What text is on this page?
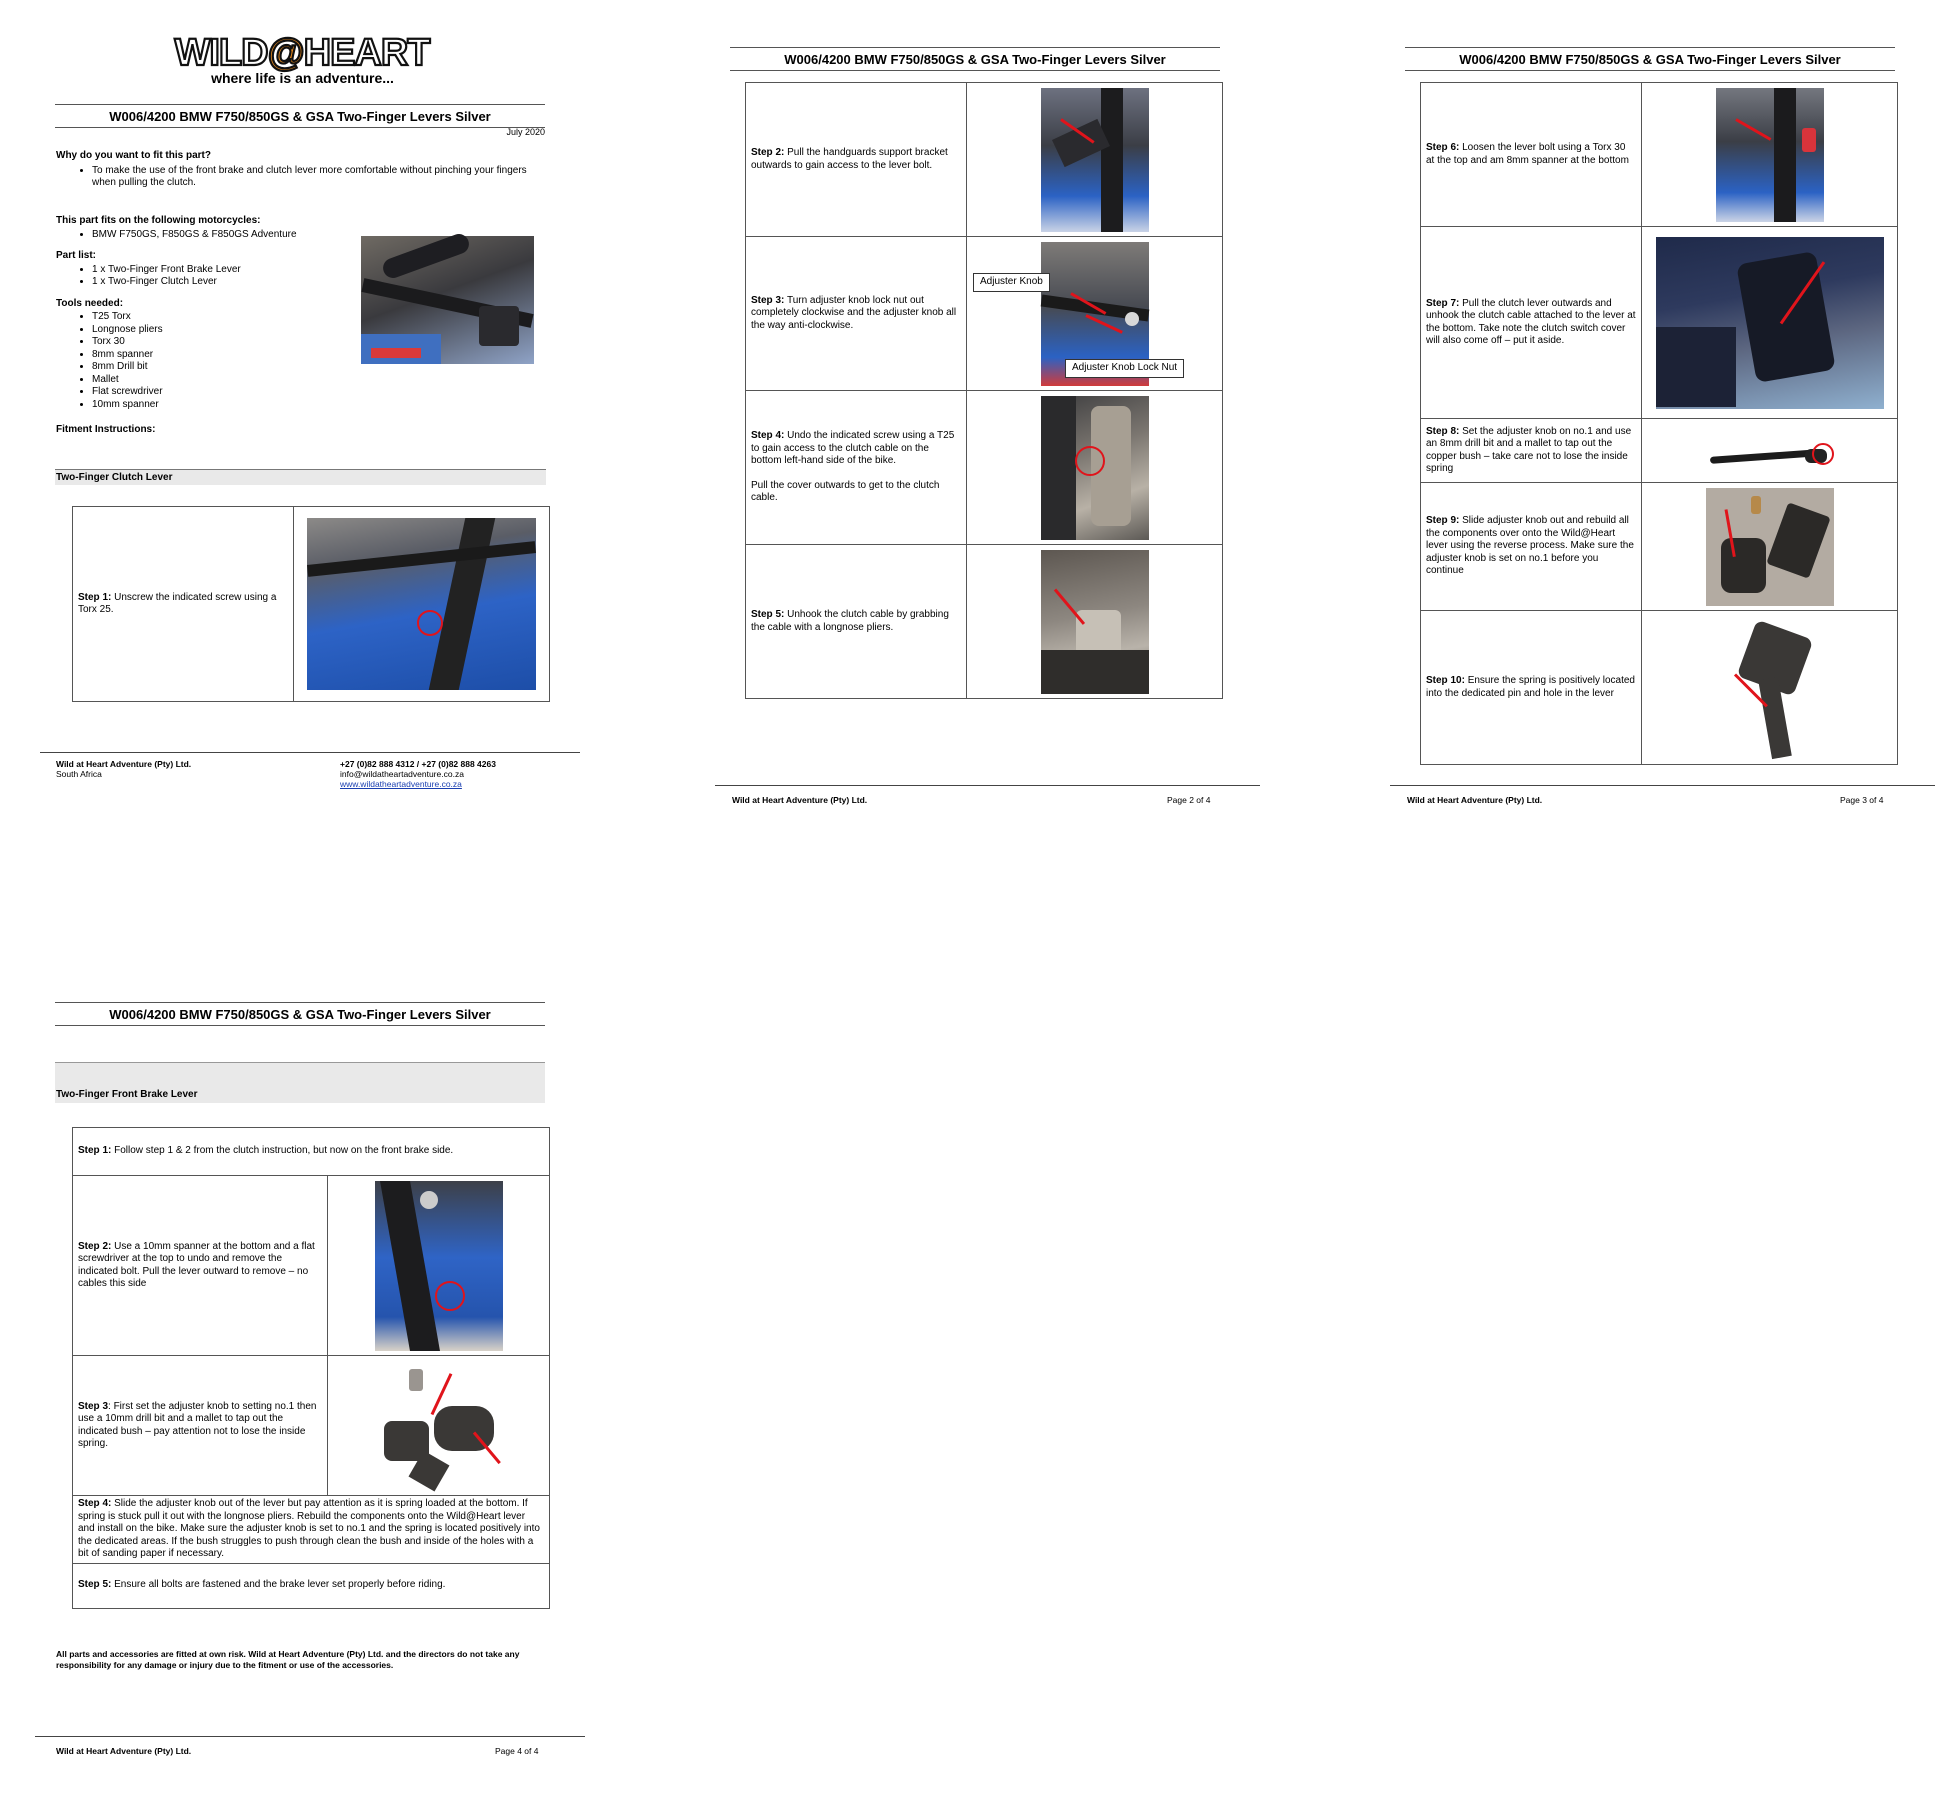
WILD@HEART
where life is an adventure...
W006/4200 BMW F750/850GS & GSA Two-Finger Levers Silver
July 2020
Why do you want to fit this part?
• To make the use of the front brake and clutch lever more comfortable without pinching your fingers when pulling the clutch.
This part fits on the following motorcycles:
• BMW F750GS, F850GS & F850GS Adventure
Part list:
• 1 x Two-Finger Front Brake Lever
• 1 x Two-Finger Clutch Lever
Tools needed:
• T25 Torx
• Longnose pliers
• Torx 30
• 8mm spanner
• 8mm Drill bit
• Mallet
• Flat screwdriver
• 10mm spanner
Fitment Instructions:
Two-Finger Clutch Lever
Step 1: Unscrew the indicated screw using a Torx 25.	
Wild at Heart Adventure (Pty) Ltd.
South Africa
+27 (0)82 888 4312 / +27 (0)82 888 4263
info@wildatheartadventure.co.za
www.wildatheartadventure.co.za
W006/4200 BMW F750/850GS & GSA Two-Finger Levers Silver
Step 2: Pull the handguards support bracket outwards to gain access to the lever bolt.	

Step 3: Turn adjuster knob lock nut out completely clockwise and the adjuster knob all the way anti-clockwise.	Adjuster Knob
Adjuster Knob Lock Nut

Step 4: Undo the indicated screw using a T25 to gain access to the clutch cable on the bottom left-hand side of the bike.
Pull the cover outwards to get to the clutch cable.	

Step 5: Unhook the clutch cable by grabbing the cable with a longnose pliers.	
Wild at Heart Adventure (Pty) Ltd.	Page 2 of 4
W006/4200 BMW F750/850GS & GSA Two-Finger Levers Silver
Step 6: Loosen the lever bolt using a Torx 30 at the top and am 8mm spanner at the bottom	

Step 7: Pull the clutch lever outwards and unhook the clutch cable attached to the lever at the bottom. Take note the clutch switch cover will also come off – put it aside.	

Step 8: Set the adjuster knob on no.1 and use an 8mm drill bit and a mallet to tap out the copper bush – take care not to lose the inside spring	

Step 9: Slide adjuster knob out and rebuild all the components over onto the Wild@Heart lever using the reverse process. Make sure the adjuster knob is set on no.1 before you continue	

Step 10: Ensure the spring is positively located into the dedicated pin and hole in the lever	
Wild at Heart Adventure (Pty) Ltd.	Page 3 of 4
W006/4200 BMW F750/850GS & GSA Two-Finger Levers Silver
Two-Finger Front Brake Lever
Step 1: Follow step 1 & 2 from the clutch instruction, but now on the front brake side.	
Step 2: Use a 10mm spanner at the bottom and a flat screwdriver at the top to undo and remove the indicated bolt. Pull the lever outward to remove – no cables this side	

Step 3: First set the adjuster knob to setting no.1 then use a 10mm drill bit and a mallet to tap out the indicated bush – pay attention not to lose the inside spring.	

Step 4: Slide the adjuster knob out of the lever but pay attention as it is spring loaded at the bottom. If spring is stuck pull it out with the longnose pliers. Rebuild the components onto the Wild@Heart lever and install on the bike. Make sure the adjuster knob is set to no.1 and the spring is located positively into the dedicated areas. If the bush struggles to push through clean the bush and inside of the holes with a bit of sanding paper if necessary.	
Step 5: Ensure all bolts are fastened and the brake lever set properly before riding.	
All parts and accessories are fitted at own risk. Wild at Heart Adventure (Pty) Ltd. and the directors do not take any responsibility for any damage or injury due to the fitment or use of the accessories.
Wild at Heart Adventure (Pty) Ltd.	Page 4 of 4
